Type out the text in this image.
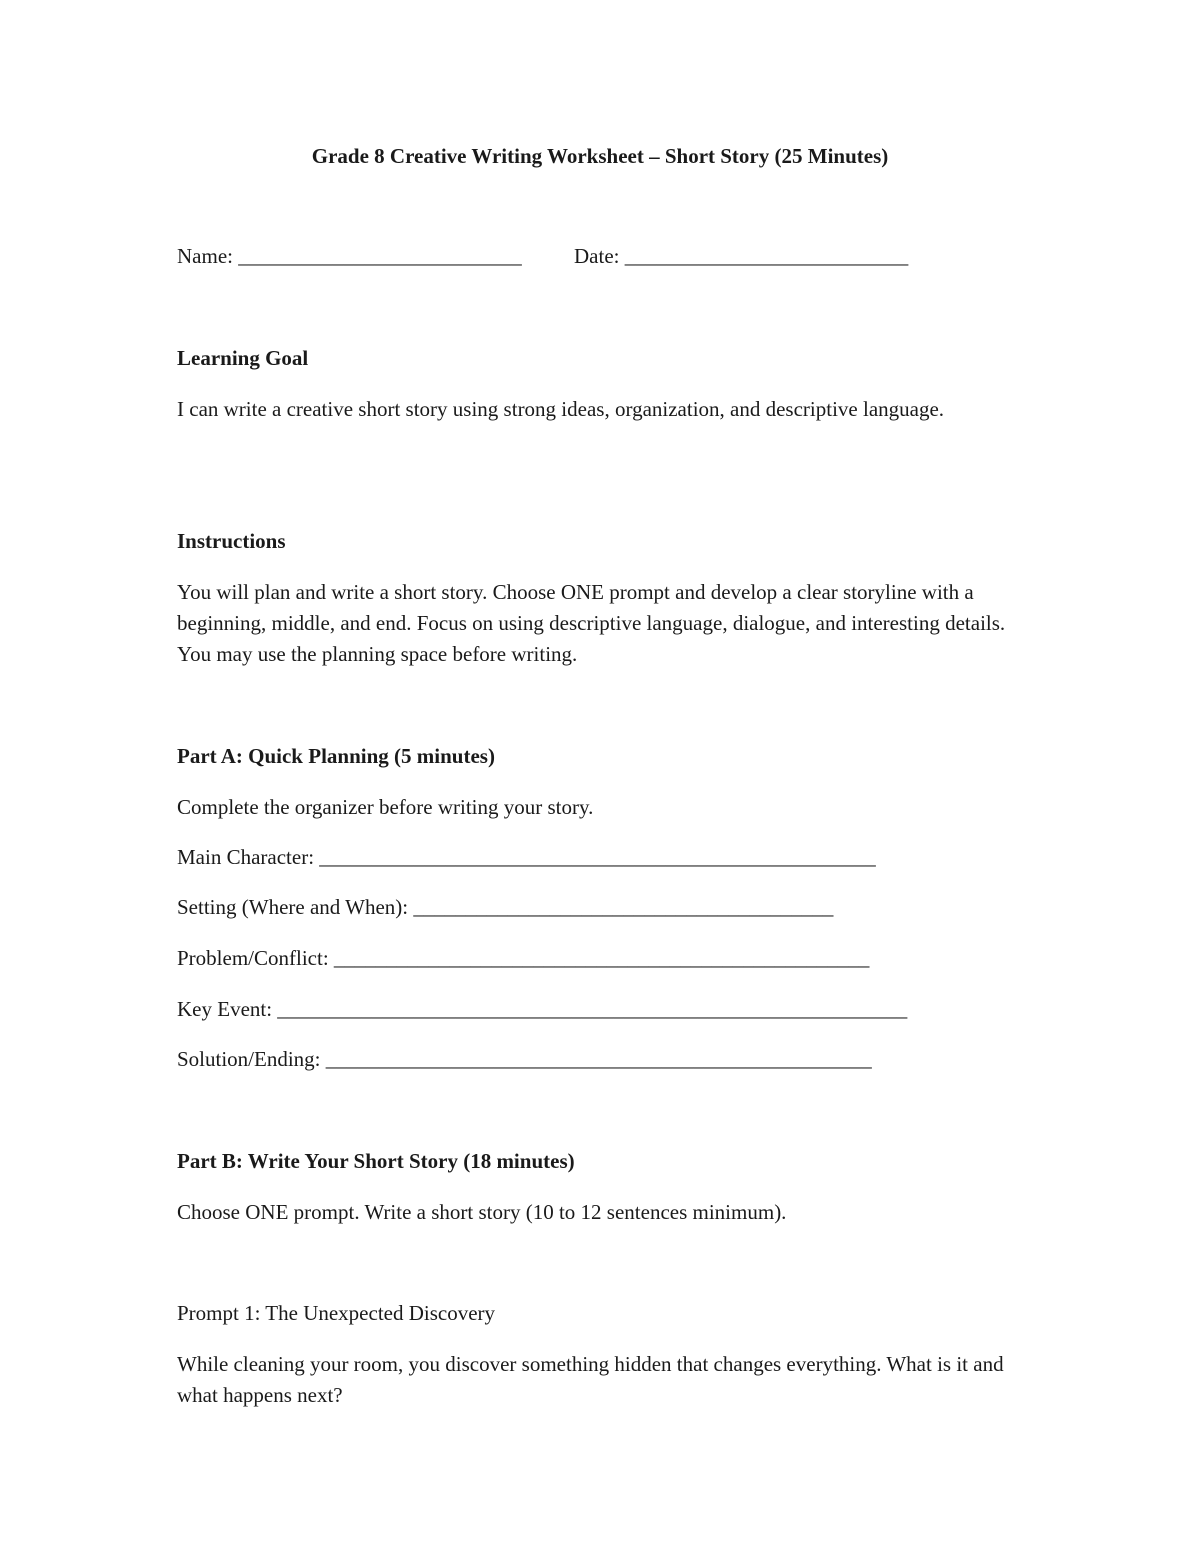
Grade 8 Creative Writing Worksheet – Short Story (25 Minutes)

Name: ___________________________ Date: ___________________________

Learning Goal

I can write a creative short story using strong ideas, organization, and descriptive language.

Instructions

You will plan and write a short story. Choose ONE prompt and develop a clear storyline with a beginning, middle, and end. Focus on using descriptive language, dialogue, and interesting details. You may use the planning space before writing.

Part A: Quick Planning (5 minutes)

Complete the organizer before writing your story.

Main Character: _____________________________________________________

Setting (Where and When): ________________________________________

Problem/Conflict: ___________________________________________________

Key Event: ____________________________________________________________

Solution/Ending: ____________________________________________________

Part B: Write Your Short Story (18 minutes)

Choose ONE prompt. Write a short story (10 to 12 sentences minimum).

Prompt 1: The Unexpected Discovery

While cleaning your room, you discover something hidden that changes everything. What is it and what happens next?
